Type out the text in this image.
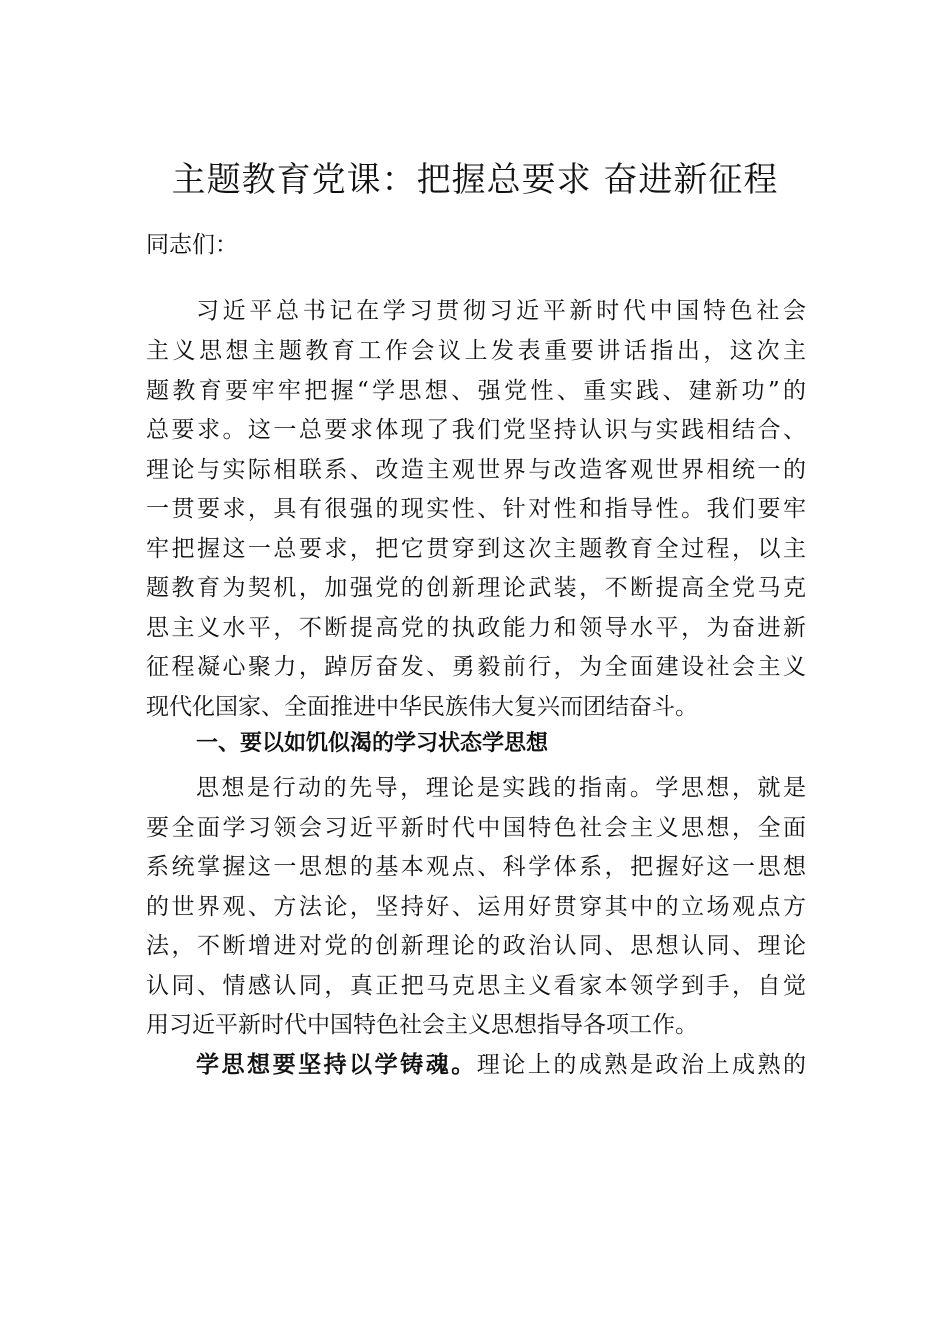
主题教育党课：把握总要求 奋进新征程
同志们：
习近平总书记在学习贯彻习近平新时代中国特色社会
主义思想主题教育工作会议上发表重要讲话指出，这次主
题教育要牢牢把握“学思想、强党性、重实践、建新功”的
总要求。这一总要求体现了我们党坚持认识与实践相结合、
理论与实际相联系、改造主观世界与改造客观世界相统一的
一贯要求，具有很强的现实性、针对性和指导性。我们要牢
牢把握这一总要求，把它贯穿到这次主题教育全过程，以主
题教育为契机，加强党的创新理论武装，不断提高全党马克
思主义水平，不断提高党的执政能力和领导水平，为奋进新
征程凝心聚力，踔厉奋发、勇毅前行，为全面建设社会主义
现代化国家、全面推进中华民族伟大复兴而团结奋斗。
一、要以如饥似渴的学习状态学思想
思想是行动的先导，理论是实践的指南。学思想，就是
要全面学习领会习近平新时代中国特色社会主义思想，全面
系统掌握这一思想的基本观点、科学体系，把握好这一思想
的世界观、方法论，坚持好、运用好贯穿其中的立场观点方
法，不断增进对党的创新理论的政治认同、思想认同、理论
认同、情感认同，真正把马克思主义看家本领学到手，自觉
用习近平新时代中国特色社会主义思想指导各项工作。
学思想要坚持以学铸魂。理论上的成熟是政治上成熟的
